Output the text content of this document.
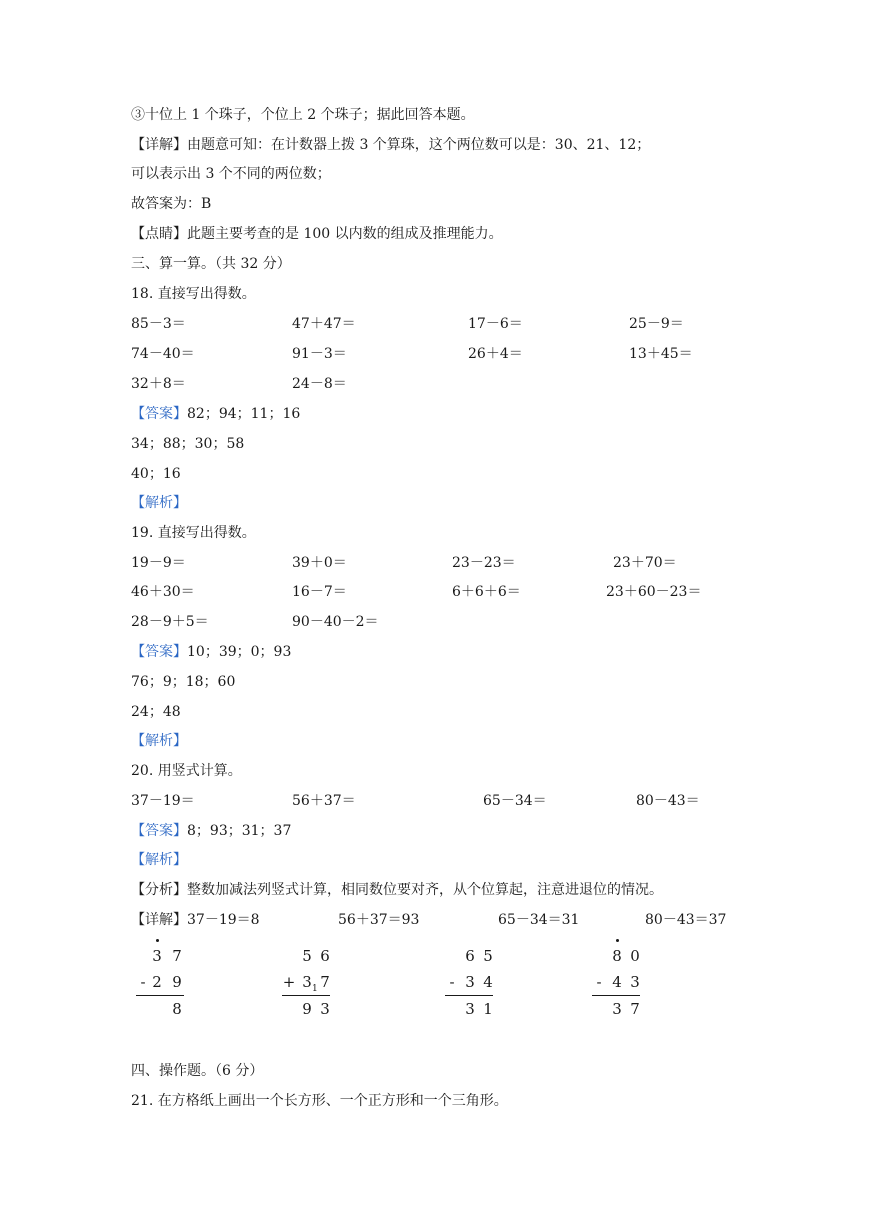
③十位上 1 个珠子，个位上 2 个珠子；据此回答本题。
【详解】由题意可知：在计数器上拨 3 个算珠，这个两位数可以是：30、21、12；
可以表示出 3 个不同的两位数；
故答案为：B
【点睛】此题主要考查的是 100 以内数的组成及推理能力。
三、算一算。（共 32 分）
18. 直接写出得数。
85－3＝	47＋47＝	17－6＝	25－9＝
74－40＝	91－3＝	26＋4＝	13＋45＝
32＋8＝	24－8＝
【答案】82；94；11；16
34；88；30；58
40；16
【解析】
19. 直接写出得数。
19－9＝	39＋0＝	23－23＝	23＋70＝
46＋30＝	16－7＝	6＋6＋6＝	23＋60－23＝
28－9＋5＝	90－40－2＝
【答案】10；39；0；93
76；9；18；60
24；48
【解析】
20. 用竖式计算。
37－19＝	56＋37＝	65－34＝	80－43＝
【答案】8；93；31；37
【解析】
【分析】整数加减法列竖式计算，相同数位要对齐，从个位算起，注意进退位的情况。
【详解】37－19＝8	56＋37＝93	65－34＝31	80－43＝37
3 7
- 2 9
8
5 6
+ 3 1 7
9 3
6 5
- 3 4
3 1
8 0
- 4 3
3 7
四、操作题。（6 分）
21. 在方格纸上画出一个长方形、一个正方形和一个三角形。
